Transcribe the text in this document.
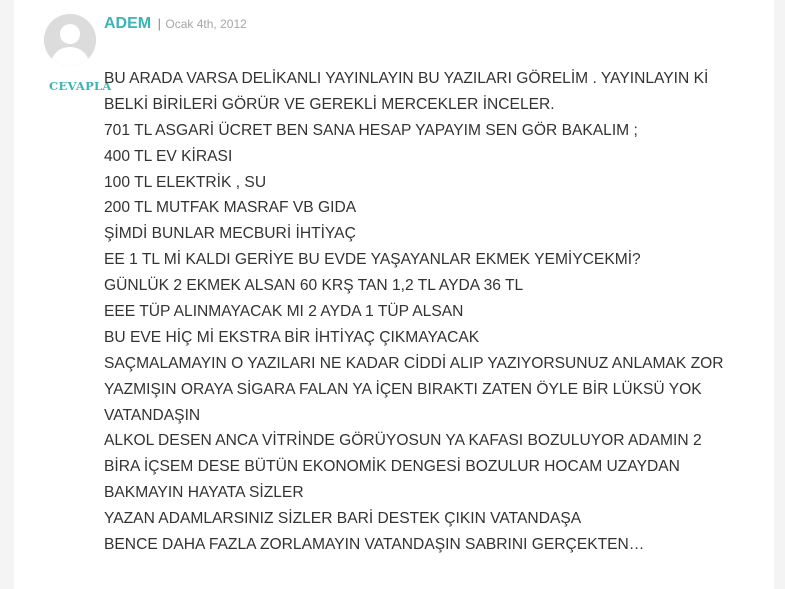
CEVAPLA
ADEM | Ocak 4th, 2012
BU ARADA VARSA DELİKANLI YAYINLAYIN BU YAZILARI GÖRELİM . YAYINLAYIN Kİ
BELKİ BİRİLERİ GÖRÜR VE GEREKLİ MERCEKLER İNCELER.
701 TL ASGARİ ÜCRET BEN SANA HESAP YAPAYIM SEN GÖR BAKALIM ;
400 TL EV KİRASI
100 TL ELEKTRİK , SU
200 TL MUTFAK MASRAF VB GIDA
ŞİMDİ BUNLAR MECBURİ İHTİYAÇ
EE 1 TL Mİ KALDI GERİYE BU EVDE YAŞAYANLAR EKMEK YEMİYCEKMİ?
GÜNLÜK 2 EKMEK ALSAN 60 KRŞ TAN 1,2 TL AYDA 36 TL
EEE TÜP ALINMAYACAK MI 2 AYDA 1 TÜP ALSAN
BU EVE HİÇ Mİ EKSTRA BİR İHTİYAÇ ÇIKMAYACAK
SAÇMALAMAYIN O YAZILARI NE KADAR CİDDİ ALIP YAZIYORSUNUZ ANLAMAK ZOR
YAZMIŞIN ORAYA SİGARA FALAN YA İÇEN BIRAKTI ZATEN ÖYLE BİR LÜKSÜ YOK
VATANDAŞIN
ALKOL DESEN ANCA VİTRİNDE GÖRÜYOSUN YA KAFASI BOZULUYOR ADAMIN 2
BİRA İÇSEM DESE BÜTÜN EKONOMİK DENGESİ BOZULUR HOCAM UZAYDAN
BAKMAYIN HAYATA SİZLER
YAZAN ADAMLARSINIZ SİZLER BARİ DESTEK ÇIKIN VATANDAŞA
BENCE DAHA FAZLA ZORLAMAYIN VATANDAŞIN SABRINI GERÇEKTEN…
